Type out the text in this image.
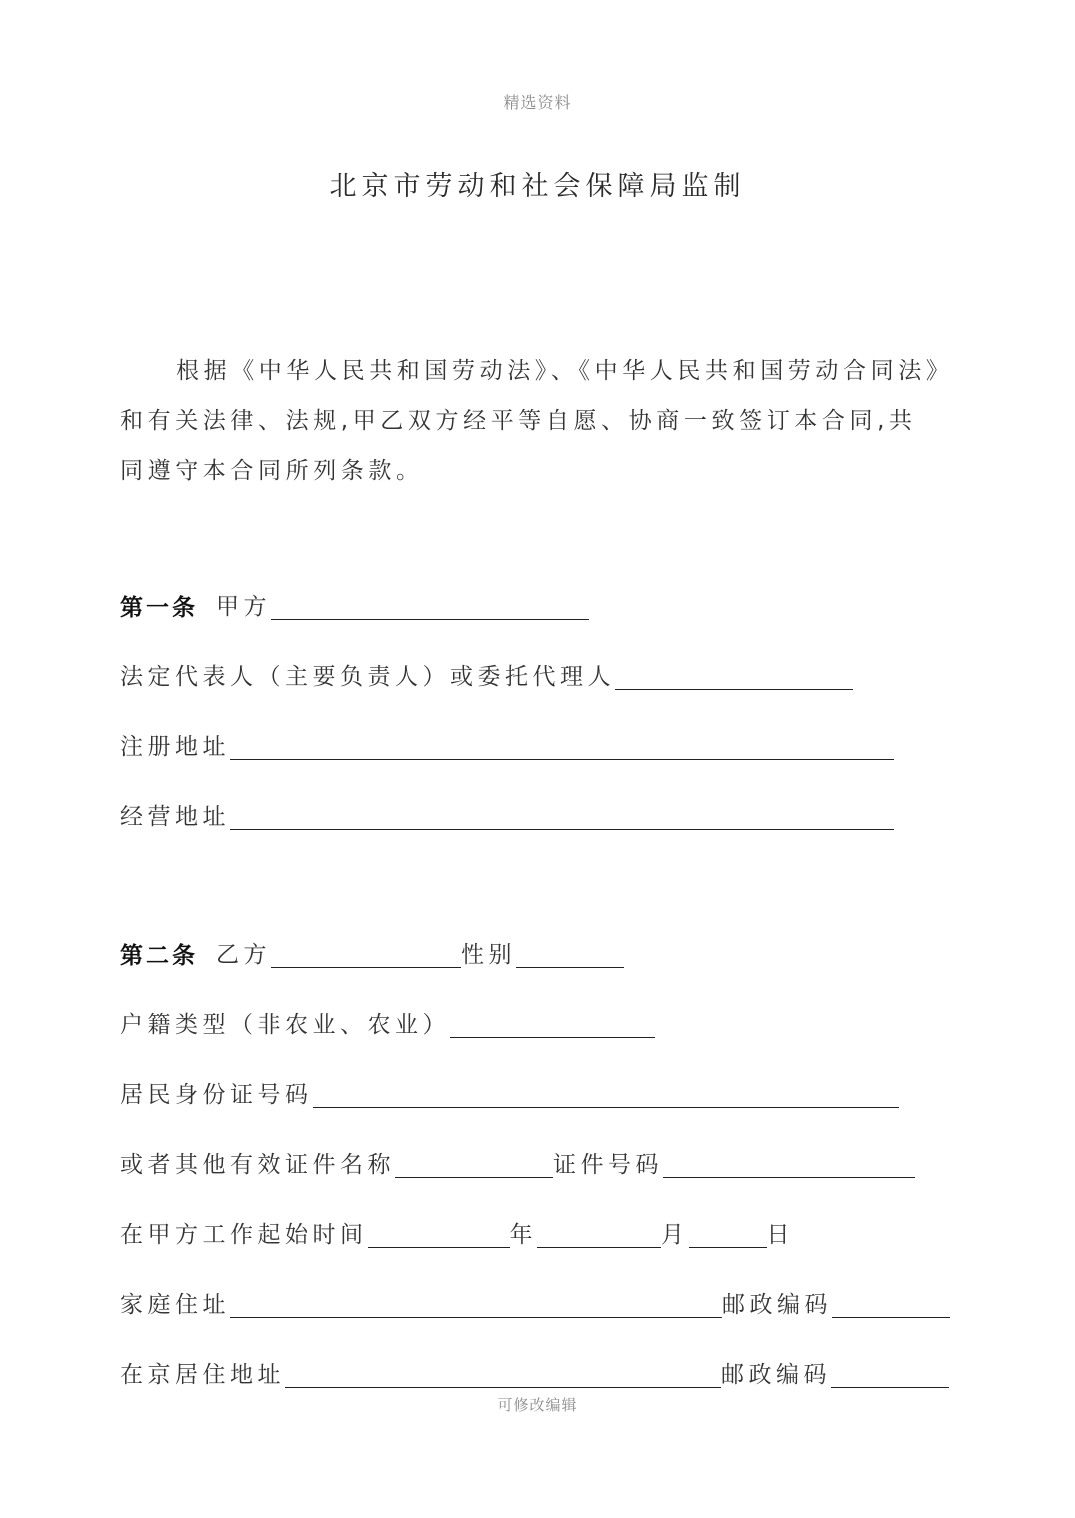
精选资料
北京市劳动和社会保障局监制
根据《中华人民共和国劳动法》、《中华人民共和国劳动合同法》
和有关法律、法规,甲乙双方经平等自愿、协商一致签订本合同,共
同遵守本合同所列条款。
第一条 甲方
法定代表人（主要负责人）或委托代理人
注册地址
经营地址
第二条 乙方	性别
户籍类型（非农业、农业）
居民身份证号码
或者其他有效证件名称	证件号码
在甲方工作起始时间	年	月	日
家庭住址	邮政编码
在京居住地址	邮政编码
可修改编辑
